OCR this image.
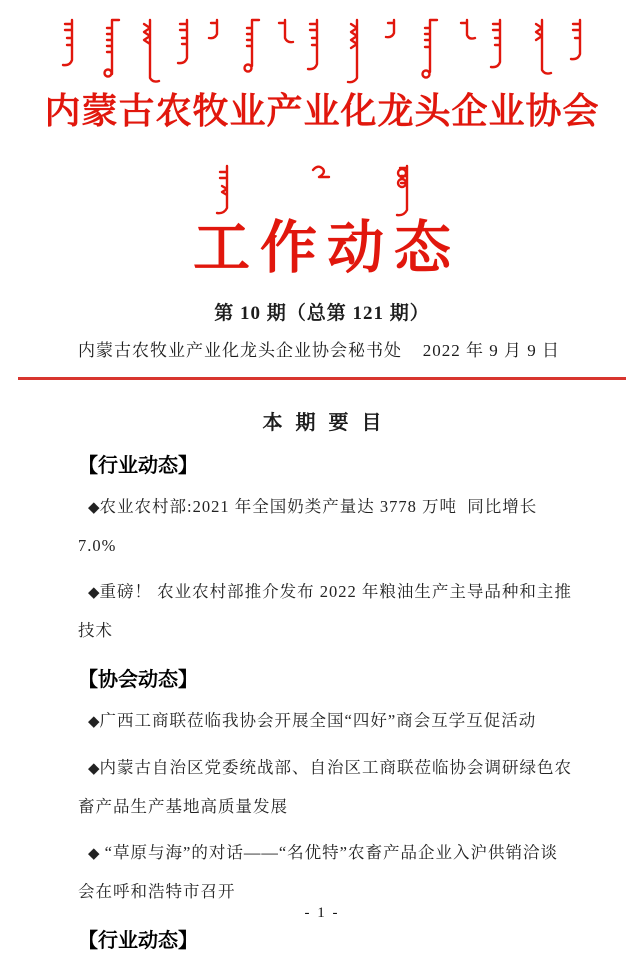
内蒙古农牧业产业化龙头企业协会
工作动态
第 10 期（总第 121 期）
内蒙古农牧业产业化龙头企业协会秘书处 2022 年 9 月 9 日
本 期 要 目
【行业动态】

◆农业农村部:2021 年全国奶类产量达 3778 万吨  同比增长 7.0%

◆重磅！ 农业农村部推介发布 2022 年粮油生产主导品种和主推技术

【协会动态】

◆广西工商联莅临我协会开展全国“四好”商会互学互促活动

◆内蒙古自治区党委统战部、自治区工商联莅临协会调研绿色农畜产品生产基地高质量发展

◆ “草原与海”的对话——“名优特”农畜产品企业入沪供销洽谈会在呼和浩特市召开

【行业动态】
- 1 -
